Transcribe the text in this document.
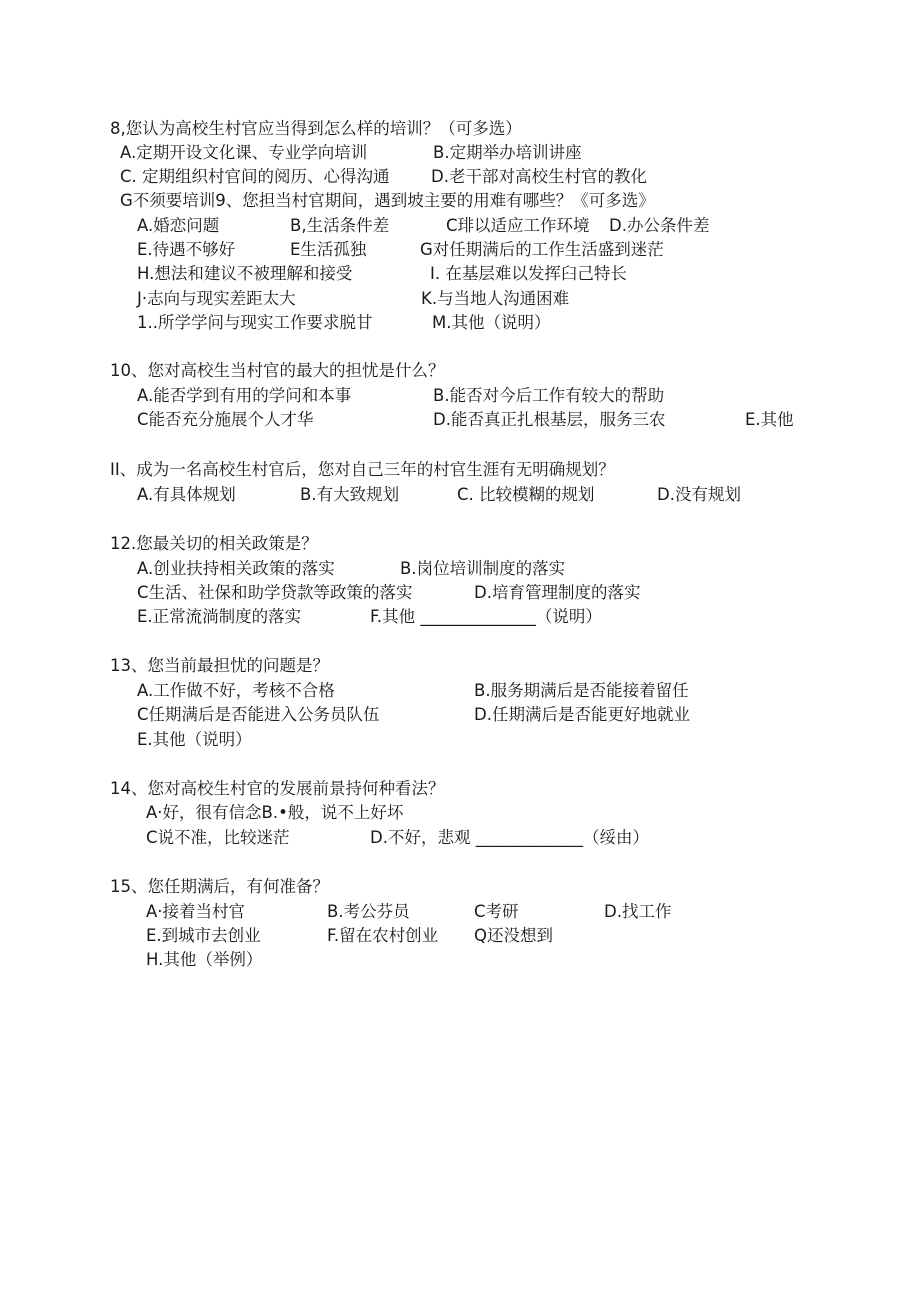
8,您认为高校生村官应当得到怎么样的培训？（可多选）
A.定期开设文化课、专业学向培训	B.定期举办培训讲座
C. 定期组织村官间的阅历、心得沟通	D.老干部对高校生村官的教化
G不须要培训9、您担当村官期间，遇到坡主要的用难有哪些？《可多选》
A.婚恋问题	B,生活条件差	C琲以适应工作环境 D.办公条件差
E.待遇不够好	E生活孤独	G对任期满后的工作生活盛到迷茫
H.想法和建议不被理解和接受	I. 在基层难以发挥臼己特长
J·志向与现实差距太大	K.与当地人沟通困难
1..所学学问与现实工作要求脱甘	M.其他（说明）
10、您对高校生当村官的最大的担忧是什么？
A.能否学到有用的学问和本事	B.能否对今后工作有较大的帮助
C能否充分施展个人才华	D.能否真正扎根基层，服务三农	E.其他
II、成为一名高校生村官后，您对自己三年的村官生涯有无明确规划？
A.有具体规划	B.有大致规划	C. 比较模糊的规划	D.没有规划
12.您最关切的相关政策是？
A.创业扶持相关政策的落实	B.岗位培训制度的落实
C生活、社保和助学贷款等政策的落实	D.培育管理制度的落实
E.正常流淌制度的落实	F.其他 ______________（说明）
13、您当前最担忧的问题是？
A.工作做不好，考核不合格	B.服务期满后是否能接着留任
C任期满后是否能进入公务员队伍	D.任期满后是否能更好地就业
E.其他（说明）
14、您对高校生村官的发展前景持何种看法？
A·好，很有信念B.•般，说不上好坏
C说不准，比较迷茫	D.不好，悲观 _____________（绥由）
15、您任期满后，有何准备？
A·接着当村官	B.考公芬员	C考研	D.找工作
E.到城市去创业	F.留在农村创业 Q还没想到
H.其他（举例）
